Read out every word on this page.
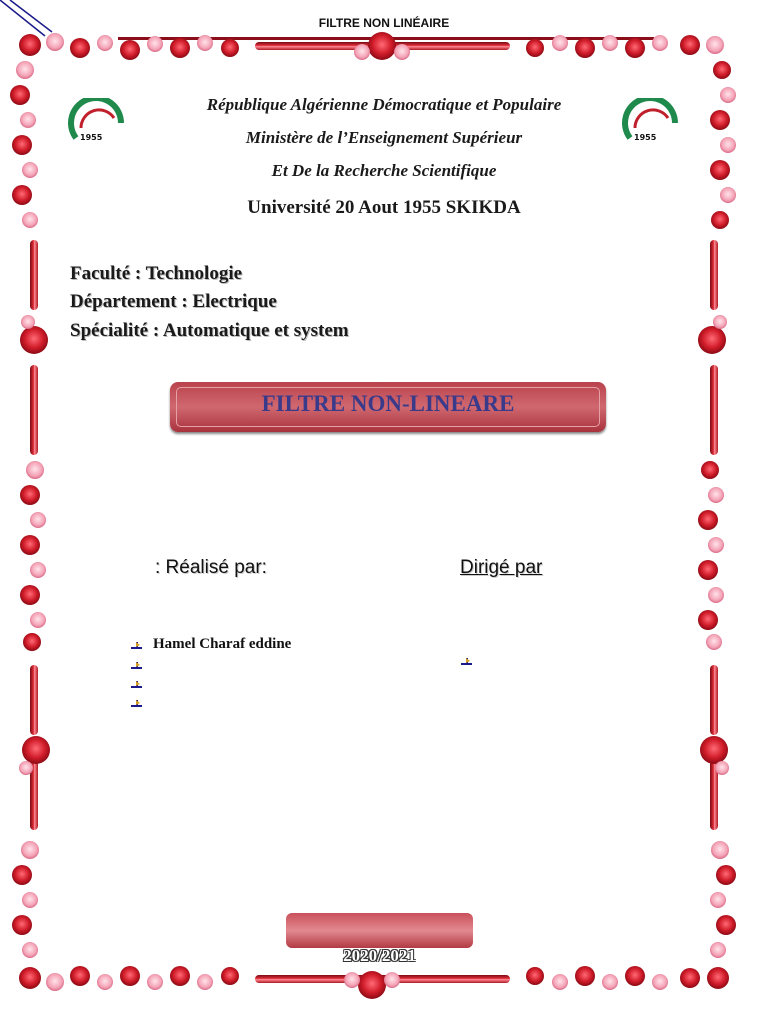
FILTRE NON LINÉAIRE
1955	1955
République Algérienne Démocratique et Populaire
Ministère de l’Enseignement Supérieur
Et De la Recherche Scientifique
Université 20 Aout 1955 SKIKDA
Faculté : Technologie
Département : Electrique
Spécialité : Automatique et system
FILTRE NON-LINEARE
: Réalisé par:	Dirigé par
Hamel Charaf eddine
2020/2021
